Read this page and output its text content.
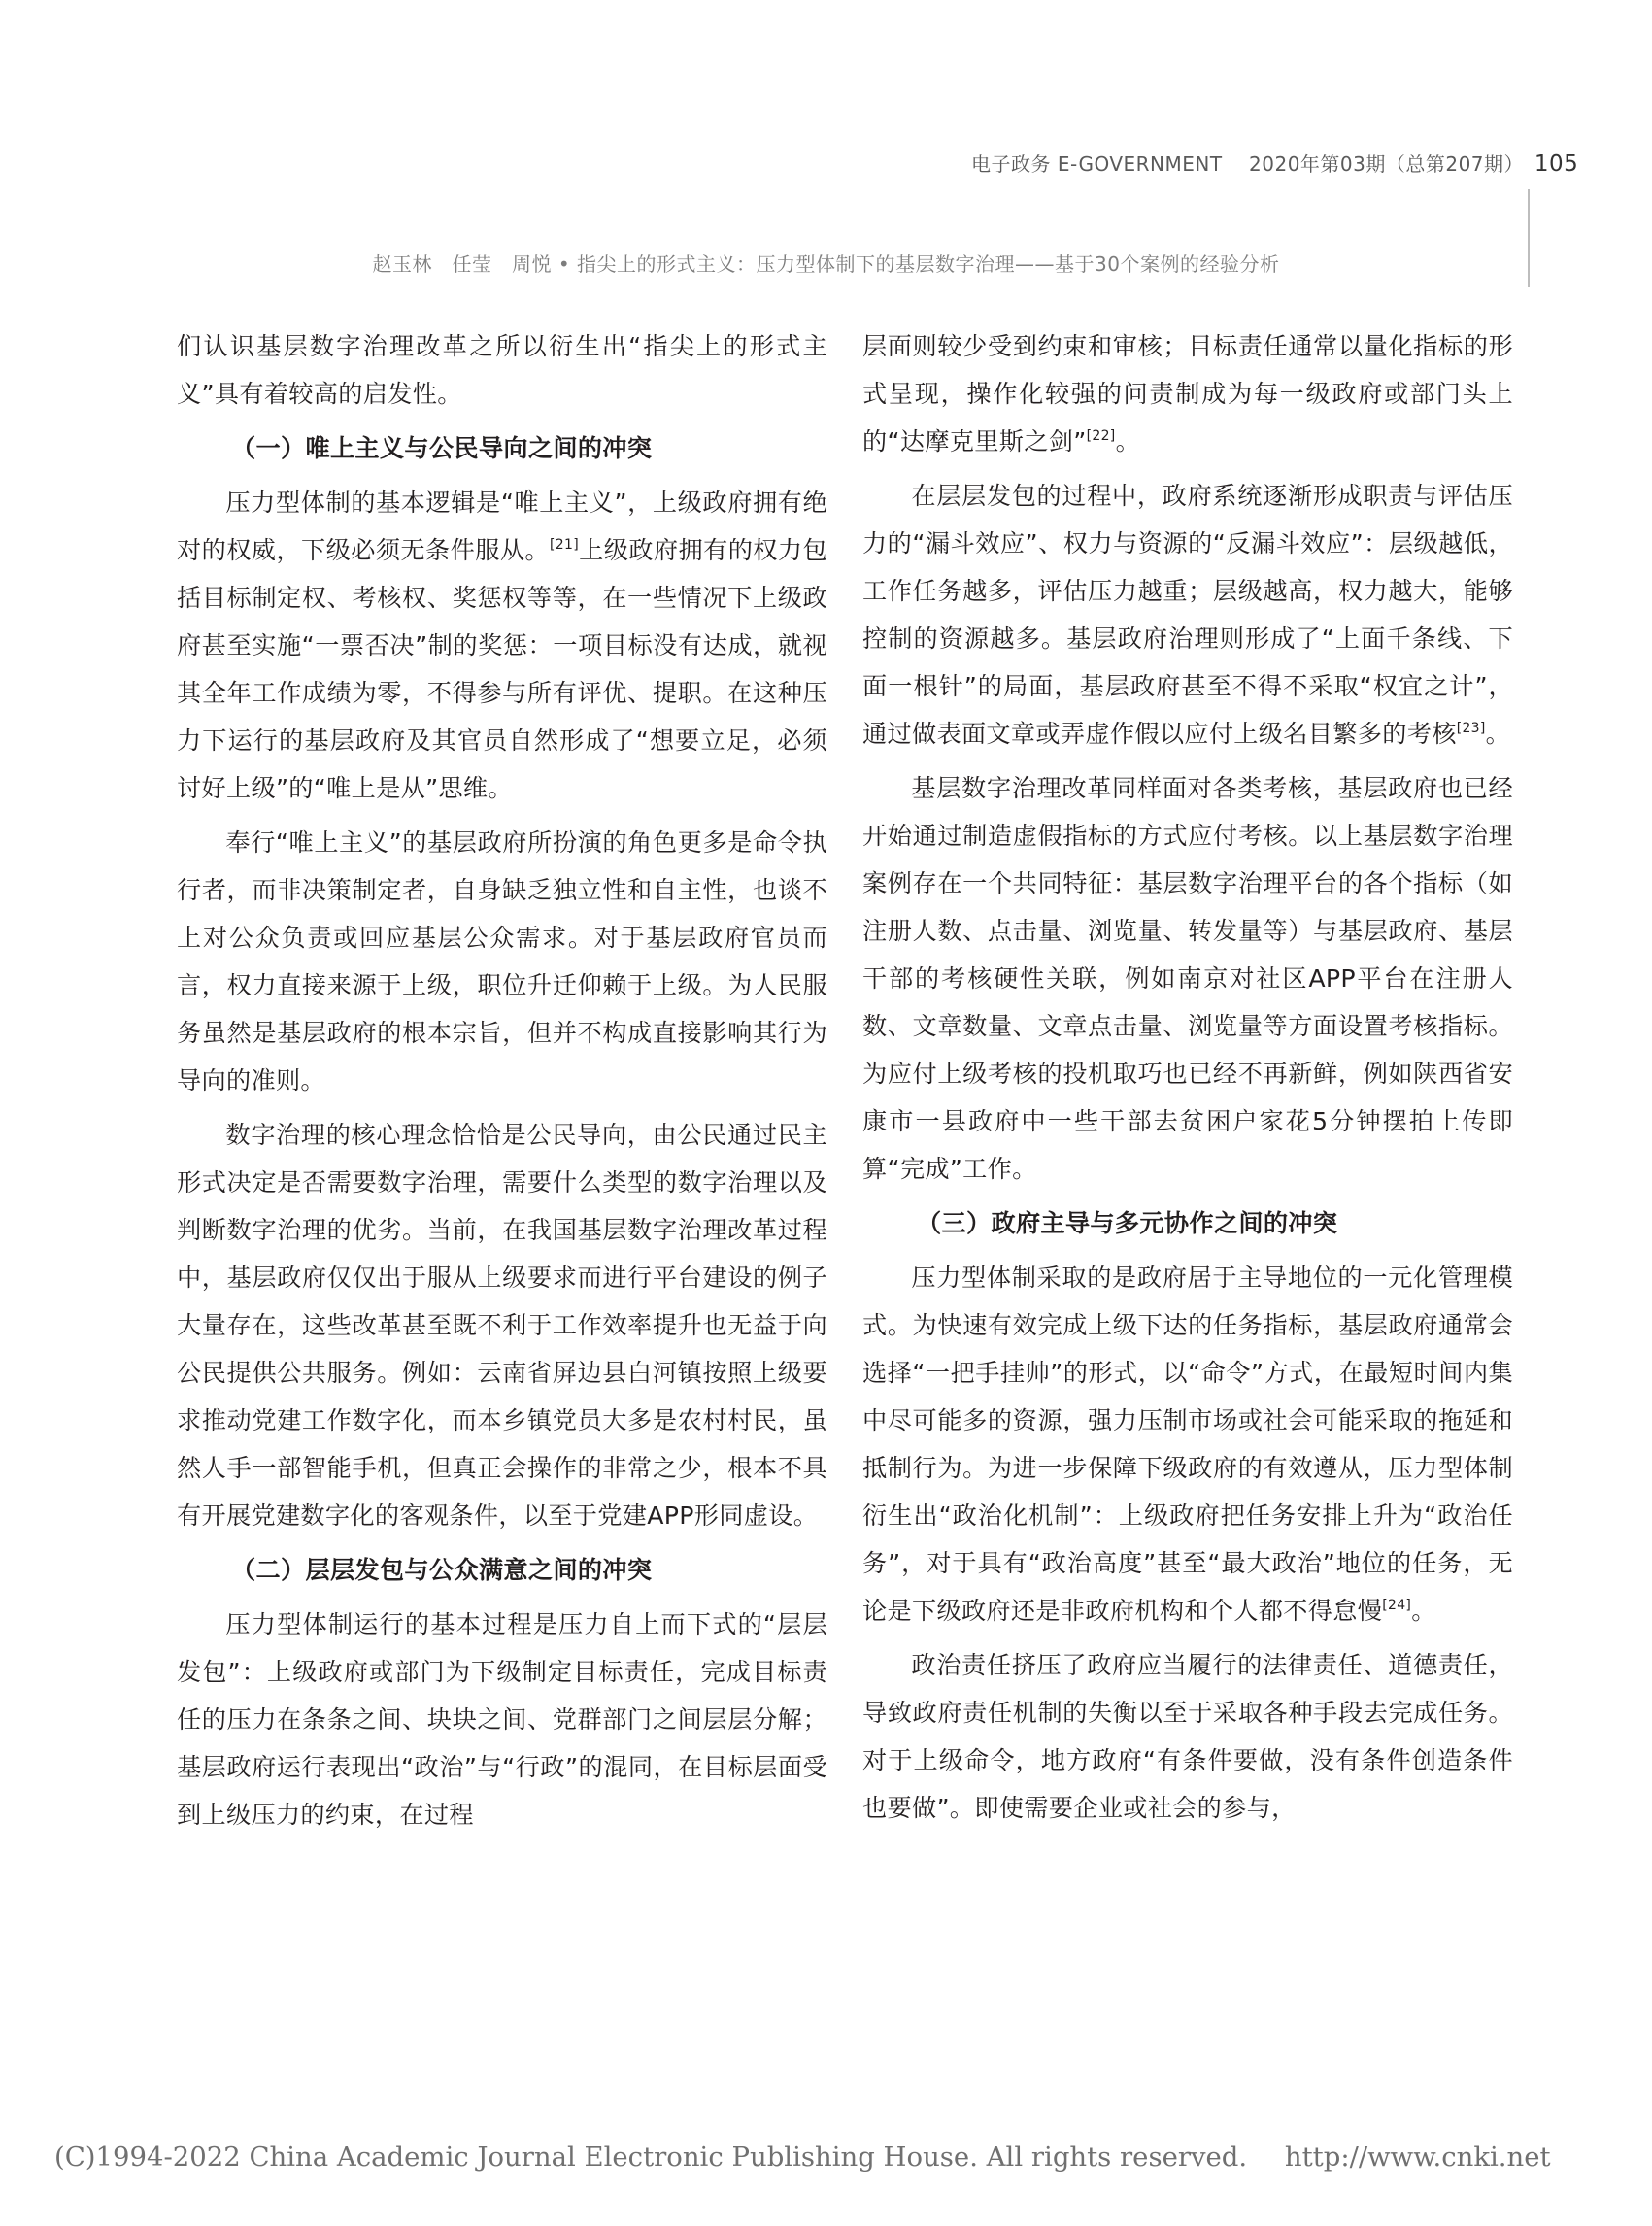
电子政务 E-GOVERNMENT 2020年第03期（总第207期） 105
赵玉林　任莹　周悦 • 指尖上的形式主义：压力型体制下的基层数字治理——基于30个案例的经验分析

们认识基层数字治理改革之所以衍生出“指尖上的形式主义”具有着较高的启发性。

（一）唯上主义与公民导向之间的冲突

压力型体制的基本逻辑是“唯上主义”，上级政府拥有绝对的权威，下级必须无条件服从。[21]上级政府拥有的权力包括目标制定权、考核权、奖惩权等等，在一些情况下上级政府甚至实施“一票否决”制的奖惩：一项目标没有达成，就视其全年工作成绩为零，不得参与所有评优、提职。在这种压力下运行的基层政府及其官员自然形成了“想要立足，必须讨好上级”的“唯上是从”思维。

奉行“唯上主义”的基层政府所扮演的角色更多是命令执行者，而非决策制定者，自身缺乏独立性和自主性，也谈不上对公众负责或回应基层公众需求。对于基层政府官员而言，权力直接来源于上级，职位升迁仰赖于上级。为人民服务虽然是基层政府的根本宗旨，但并不构成直接影响其行为导向的准则。

数字治理的核心理念恰恰是公民导向，由公民通过民主形式决定是否需要数字治理，需要什么类型的数字治理以及判断数字治理的优劣。当前，在我国基层数字治理改革过程中，基层政府仅仅出于服从上级要求而进行平台建设的例子大量存在，这些改革甚至既不利于工作效率提升也无益于向公民提供公共服务。例如：云南省屏边县白河镇按照上级要求推动党建工作数字化，而本乡镇党员大多是农村村民，虽然人手一部智能手机，但真正会操作的非常之少，根本不具有开展党建数字化的客观条件，以至于党建APP形同虚设。

（二）层层发包与公众满意之间的冲突

压力型体制运行的基本过程是压力自上而下式的“层层发包”：上级政府或部门为下级制定目标责任，完成目标责任的压力在条条之间、块块之间、党群部门之间层层分解；基层政府运行表现出“政治”与“行政”的混同，在目标层面受到上级压力的约束，在过程

层面则较少受到约束和审核；目标责任通常以量化指标的形式呈现，操作化较强的问责制成为每一级政府或部门头上的“达摩克里斯之剑”[22]。

在层层发包的过程中，政府系统逐渐形成职责与评估压力的“漏斗效应”、权力与资源的“反漏斗效应”：层级越低，工作任务越多，评估压力越重；层级越高，权力越大，能够控制的资源越多。基层政府治理则形成了“上面千条线、下面一根针”的局面，基层政府甚至不得不采取“权宜之计”，通过做表面文章或弄虚作假以应付上级名目繁多的考核[23]。

基层数字治理改革同样面对各类考核，基层政府也已经开始通过制造虚假指标的方式应付考核。以上基层数字治理案例存在一个共同特征：基层数字治理平台的各个指标（如注册人数、点击量、浏览量、转发量等）与基层政府、基层干部的考核硬性关联，例如南京对社区APP平台在注册人数、文章数量、文章点击量、浏览量等方面设置考核指标。为应付上级考核的投机取巧也已经不再新鲜，例如陕西省安康市一县政府中一些干部去贫困户家花5分钟摆拍上传即算“完成”工作。

（三）政府主导与多元协作之间的冲突

压力型体制采取的是政府居于主导地位的一元化管理模式。为快速有效完成上级下达的任务指标，基层政府通常会选择“一把手挂帅”的形式，以“命令”方式，在最短时间内集中尽可能多的资源，强力压制市场或社会可能采取的拖延和抵制行为。为进一步保障下级政府的有效遵从，压力型体制衍生出“政治化机制”：上级政府把任务安排上升为“政治任务”，对于具有“政治高度”甚至“最大政治”地位的任务，无论是下级政府还是非政府机构和个人都不得怠慢[24]。

政治责任挤压了政府应当履行的法律责任、道德责任，导致政府责任机制的失衡以至于采取各种手段去完成任务。对于上级命令，地方政府“有条件要做，没有条件创造条件也要做”。即使需要企业或社会的参与，

(C)1994-2022 China Academic Journal Electronic Publishing House. All rights reserved. http://www.cnki.net
